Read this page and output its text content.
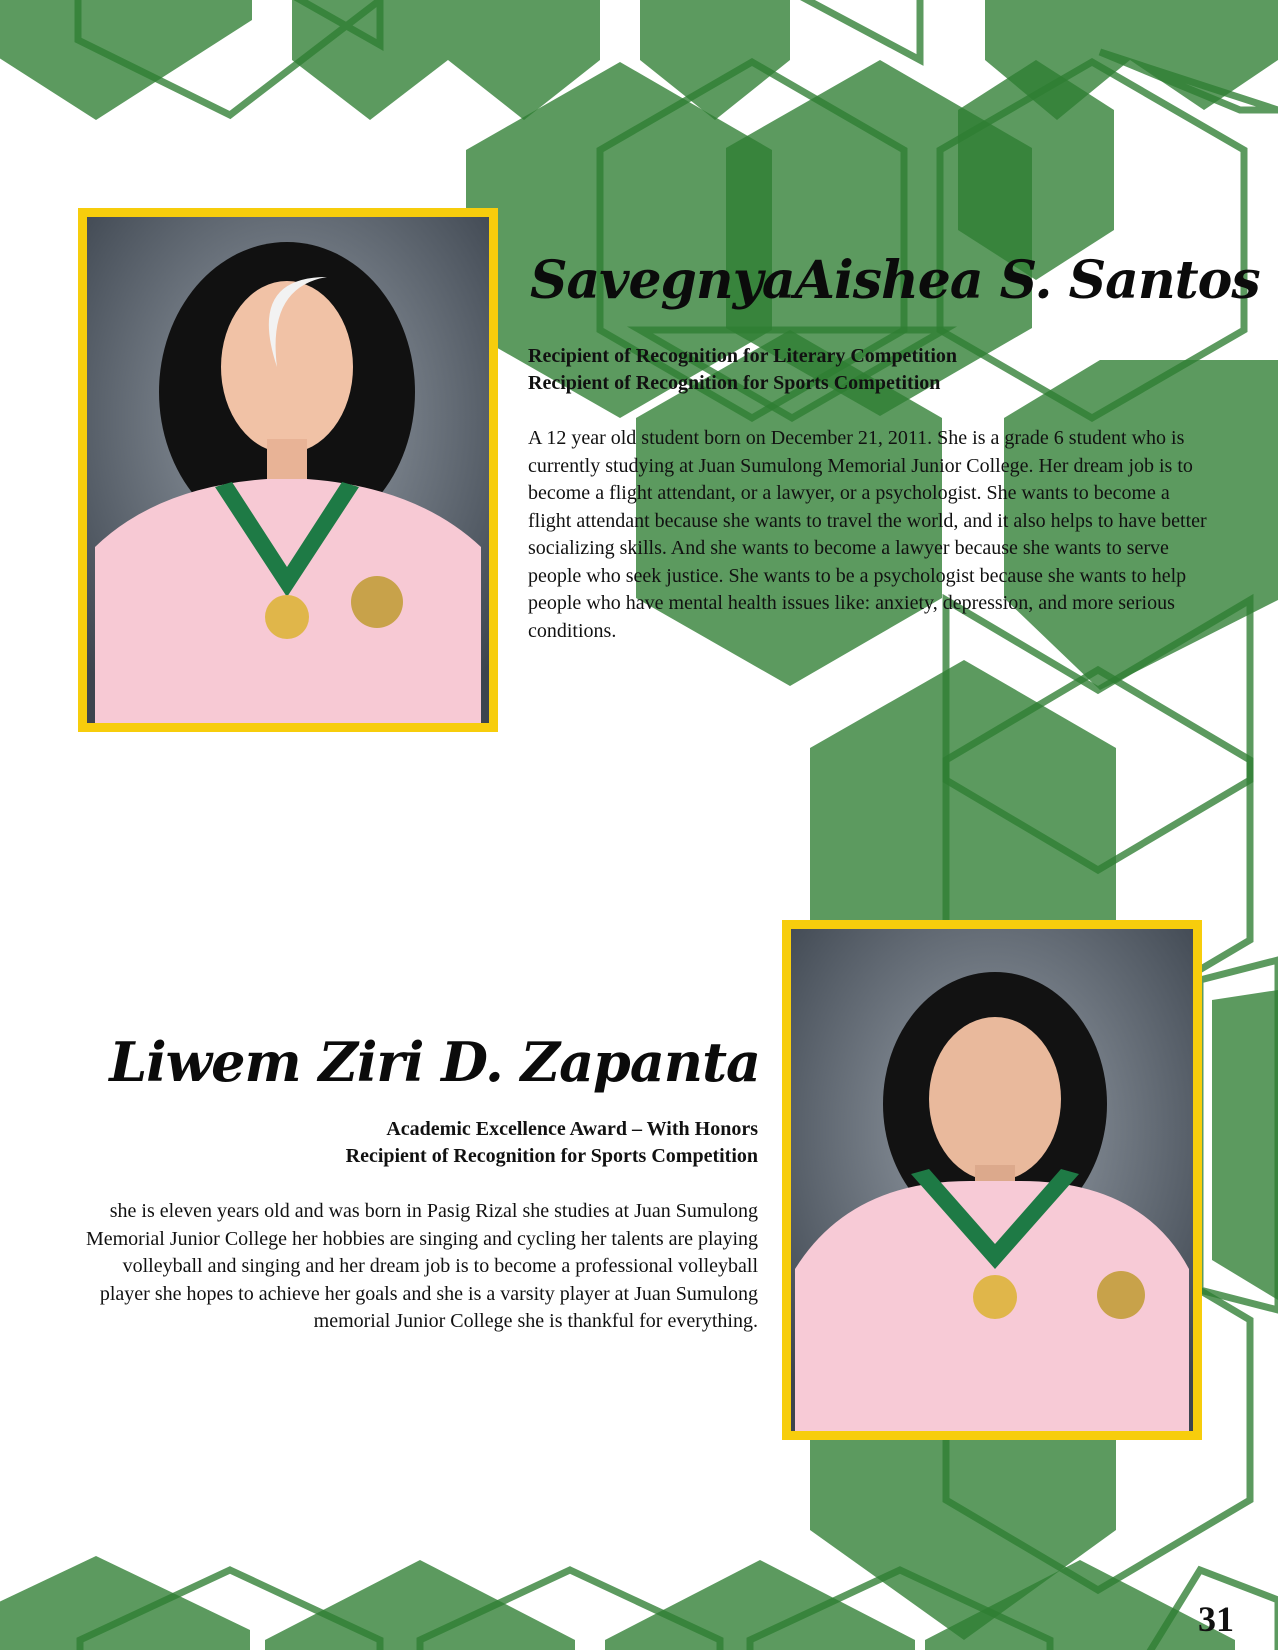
SavegnyaAishea S. Santos
Recipient of Recognition for Literary Competition
Recipient of Recognition for Sports Competition
A 12 year old student born on December 21, 2011. She is a grade 6 student who is currently studying at Juan Sumulong Memorial Junior College. Her dream job is to become a flight attendant, or a lawyer, or a psychologist. She wants to become a flight attendant because she wants to travel the world, and it also helps to have better socializing skills. And she wants to become a lawyer because she wants to serve people who seek justice. She wants to be a psychologist because she wants to help people who have mental health issues like: anxiety, depression, and more serious conditions.
Liwem Ziri D. Zapanta
Academic Excellence Award – With Honors
Recipient of Recognition for Sports Competition
she is eleven years old and was born in Pasig Rizal she studies at Juan Sumulong Memorial Junior College her hobbies are singing and cycling her talents are playing volleyball and singing and her dream job is to become a professional volleyball player she hopes to achieve her goals and she is a varsity player at Juan Sumulong memorial Junior College she is thankful for everything.
31
